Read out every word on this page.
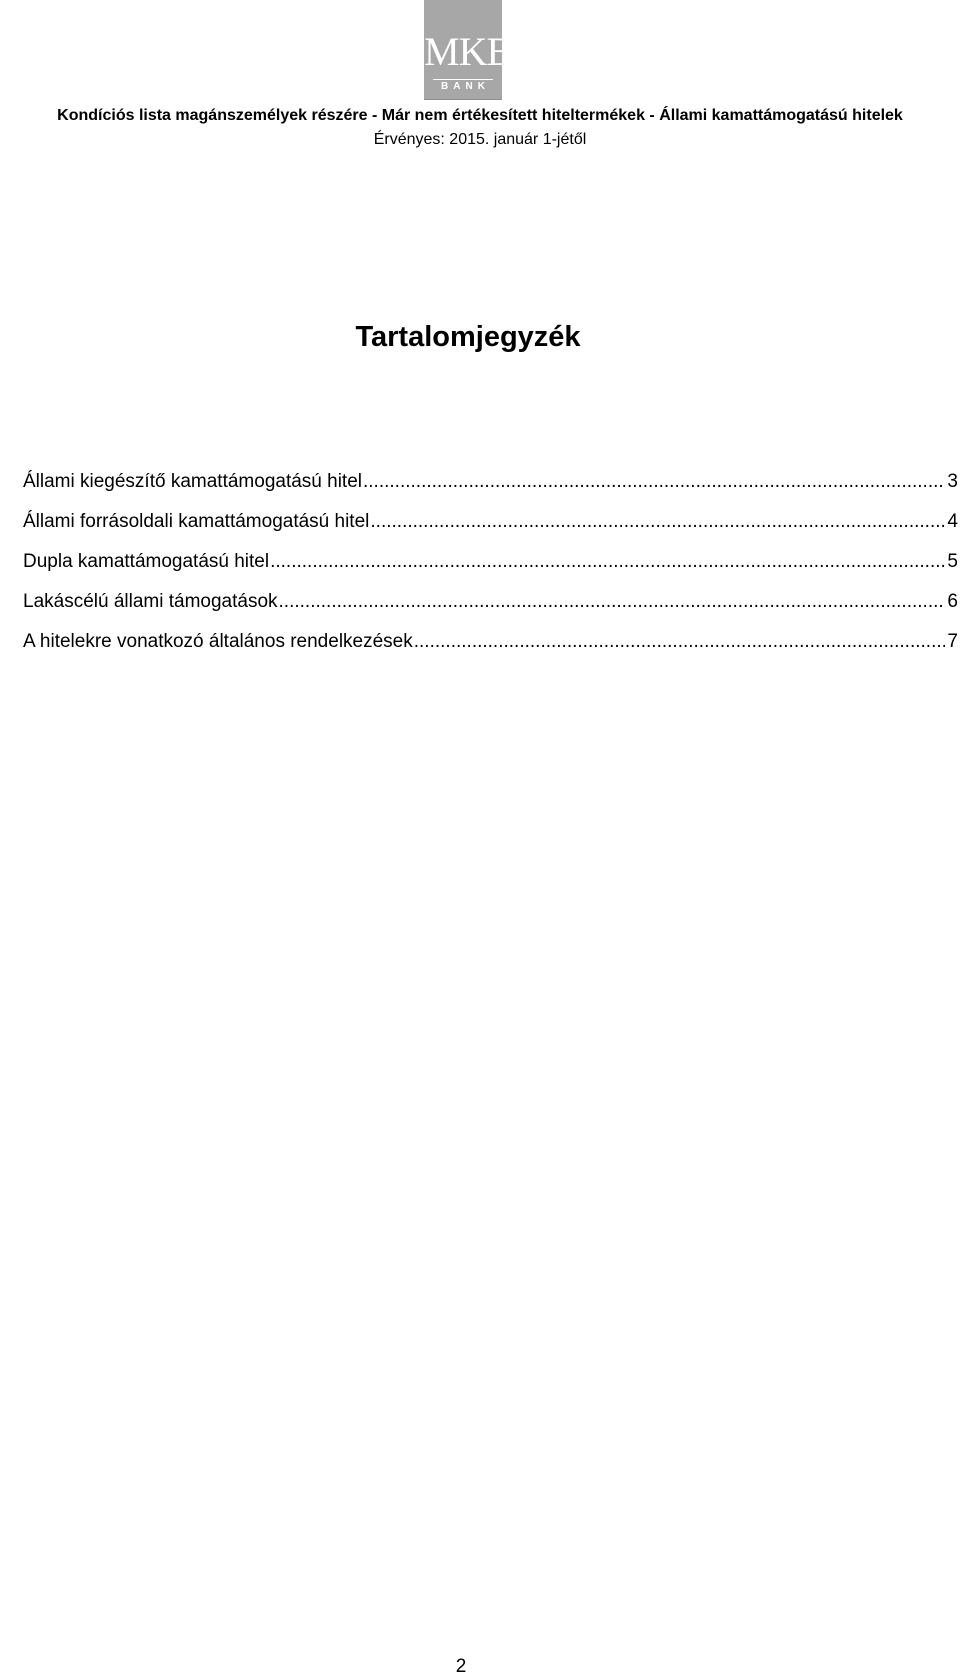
MKB
BANK
Kondíciós lista magánszemélyek részére - Már nem értékesített hiteltermékek - Állami kamattámogatású hitelek
Érvényes: 2015. január 1-jétől
Tartalomjegyzék
Állami kiegészítő kamattámogatású hitel .....	3
Állami forrásoldali kamattámogatású hitel .....	4
Dupla kamattámogatású hitel .....	5
Lakáscélú állami támogatások .....	6
A hitelekre vonatkozó általános rendelkezések .....	7
2
